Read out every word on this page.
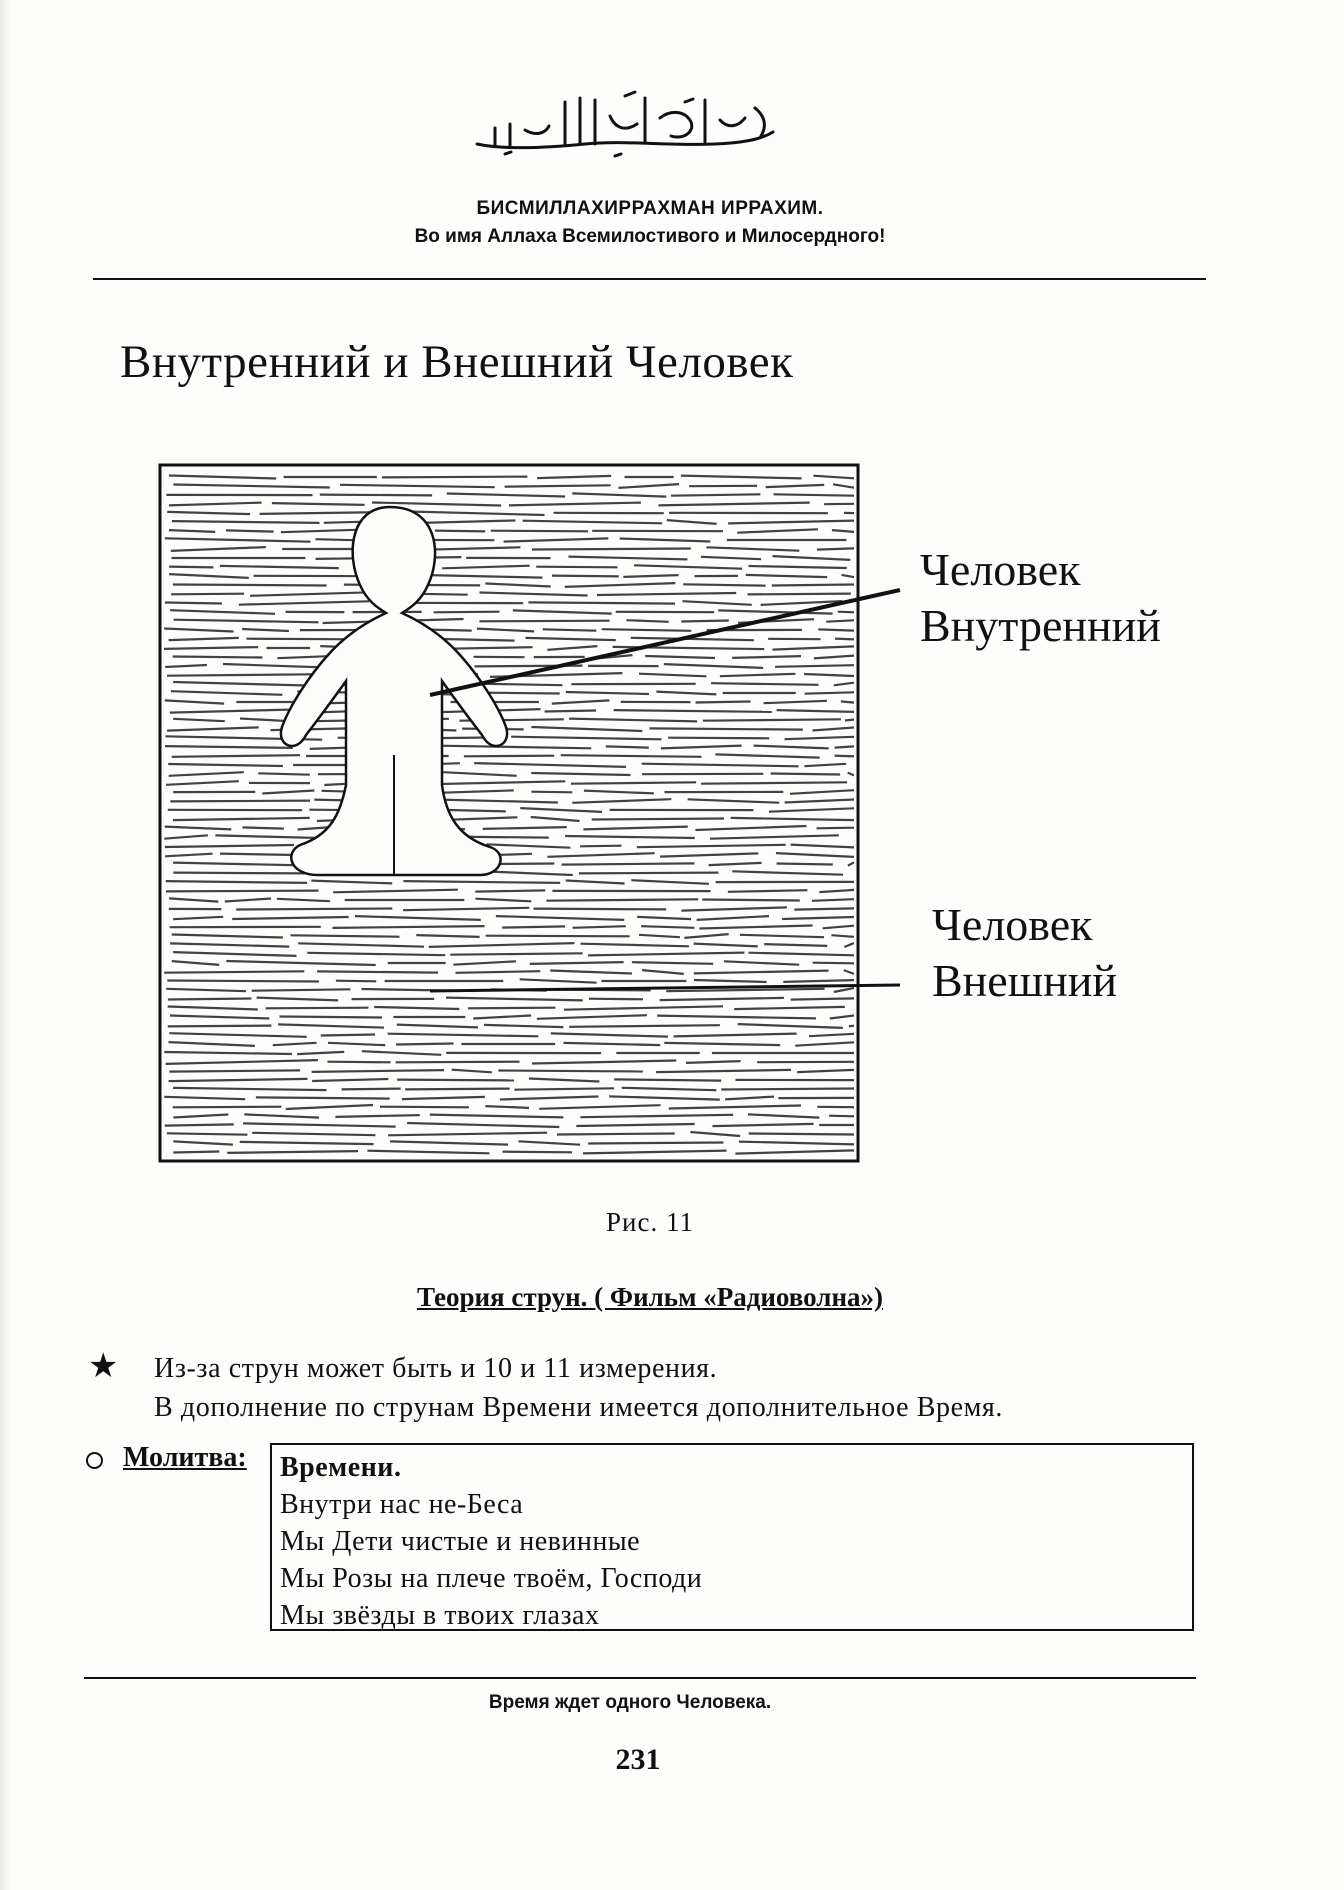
بِسْمِ ٱللَّٰهِ ٱلرَّحْمَٰنِ ٱلرَّحِيمِ
БИСМИЛЛАХИРРАХМАН ИРРАХИМ.
Во имя Аллаха Всемилостивого и Милосердного!
Внутренний и Внешний Человек
Человек
Внутренний
Человек
Внешний
Рис. 11
Теория струн. ( Фильм «Радиоволна»)
★ Из-за струн может быть и 10 и 11 измерения.
В дополнение по струнам Времени имеется дополнительное Время.
Молитва: Времени.
Внутри нас не-Беса
Мы Дети чистые и невинные
Мы Розы на плече твоём, Господи
Мы звёзды в твоих глазах
Время ждет одного Человека.
231
